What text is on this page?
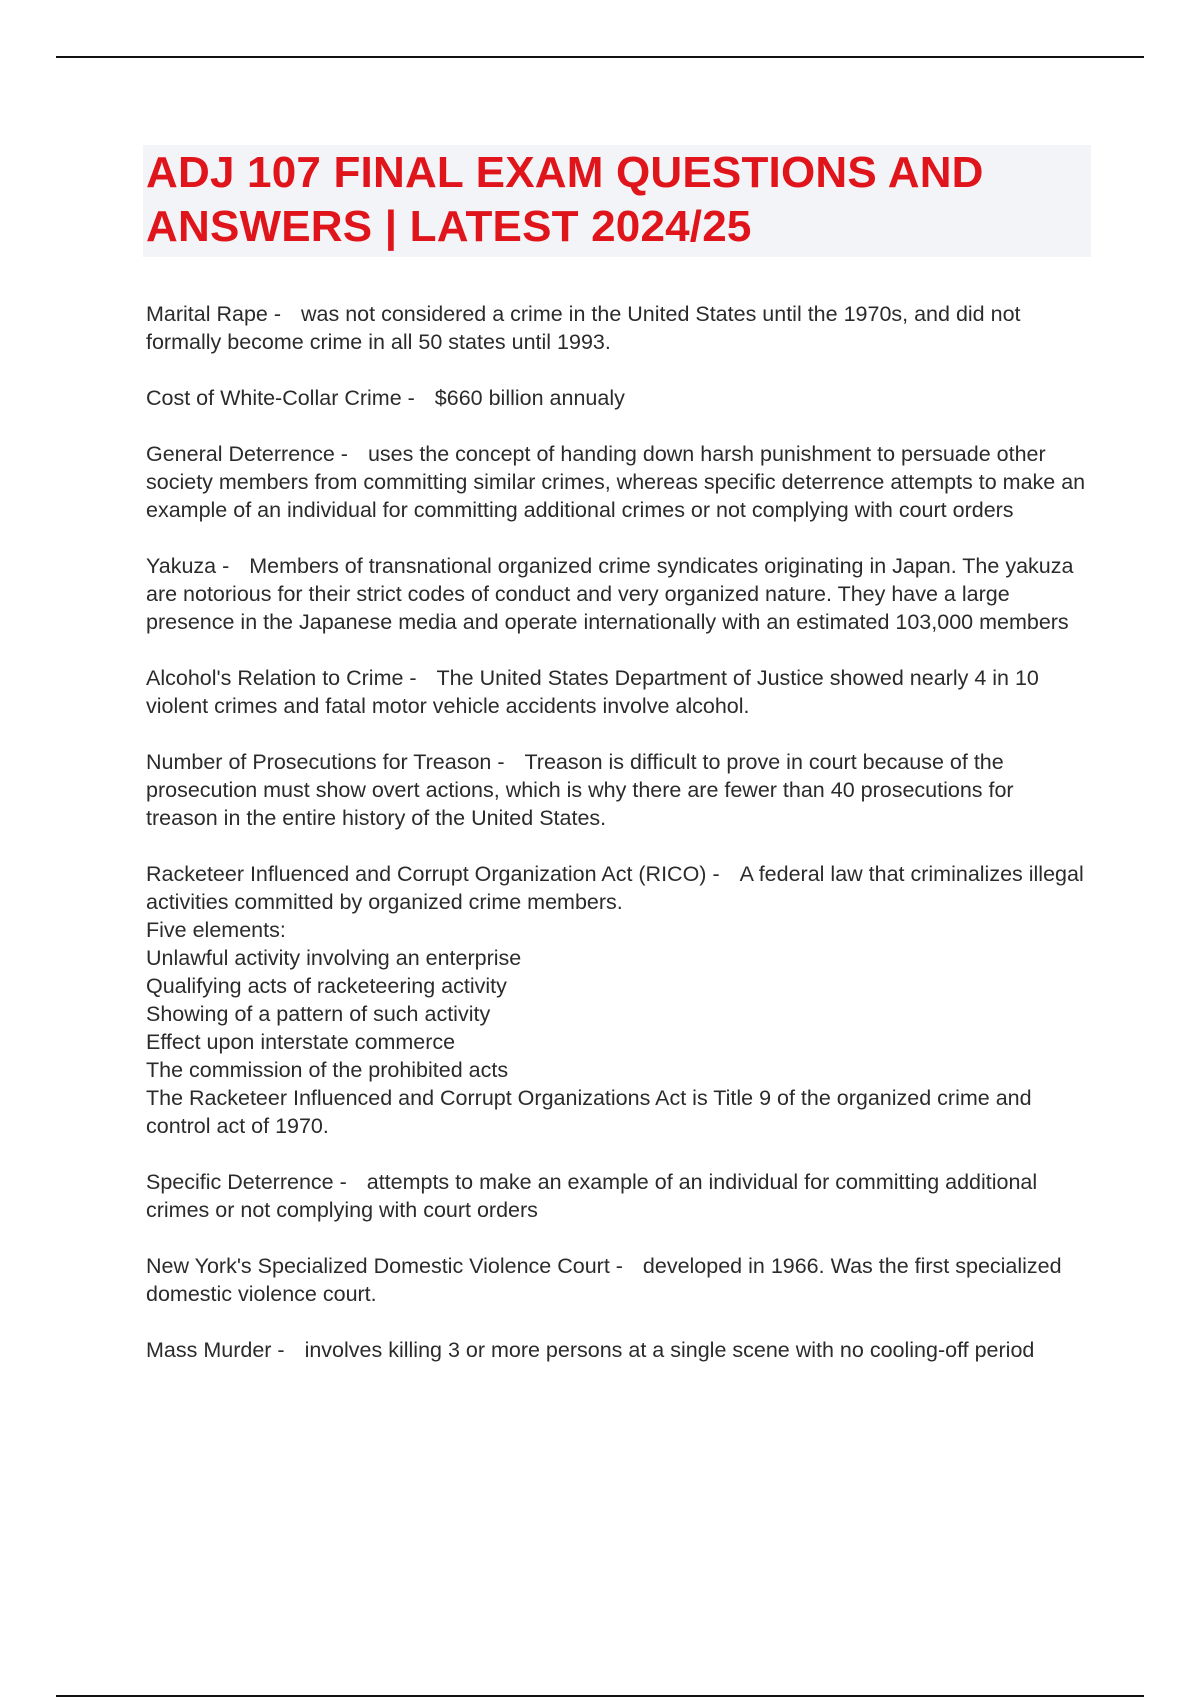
ADJ 107 FINAL EXAM QUESTIONS AND ANSWERS | LATEST 2024/25

Marital Rape - was not considered a crime in the United States until the 1970s, and did not formally become crime in all 50 states until 1993.

Cost of White-Collar Crime - $660 billion annualy

General Deterrence - uses the concept of handing down harsh punishment to persuade other society members from committing similar crimes, whereas specific deterrence attempts to make an example of an individual for committing additional crimes or not complying with court orders

Yakuza - Members of transnational organized crime syndicates originating in Japan. The yakuza are notorious for their strict codes of conduct and very organized nature. They have a large presence in the Japanese media and operate internationally with an estimated 103,000 members

Alcohol's Relation to Crime - The United States Department of Justice showed nearly 4 in 10 violent crimes and fatal motor vehicle accidents involve alcohol.

Number of Prosecutions for Treason - Treason is difficult to prove in court because of the prosecution must show overt actions, which is why there are fewer than 40 prosecutions for treason in the entire history of the United States.

Racketeer Influenced and Corrupt Organization Act (RICO) - A federal law that criminalizes illegal activities committed by organized crime members.
Five elements:
Unlawful activity involving an enterprise
Qualifying acts of racketeering activity
Showing of a pattern of such activity
Effect upon interstate commerce
The commission of the prohibited acts
The Racketeer Influenced and Corrupt Organizations Act is Title 9 of the organized crime and control act of 1970.

Specific Deterrence - attempts to make an example of an individual for committing additional crimes or not complying with court orders

New York's Specialized Domestic Violence Court - developed in 1966. Was the first specialized domestic violence court.

Mass Murder - involves killing 3 or more persons at a single scene with no cooling-off period
